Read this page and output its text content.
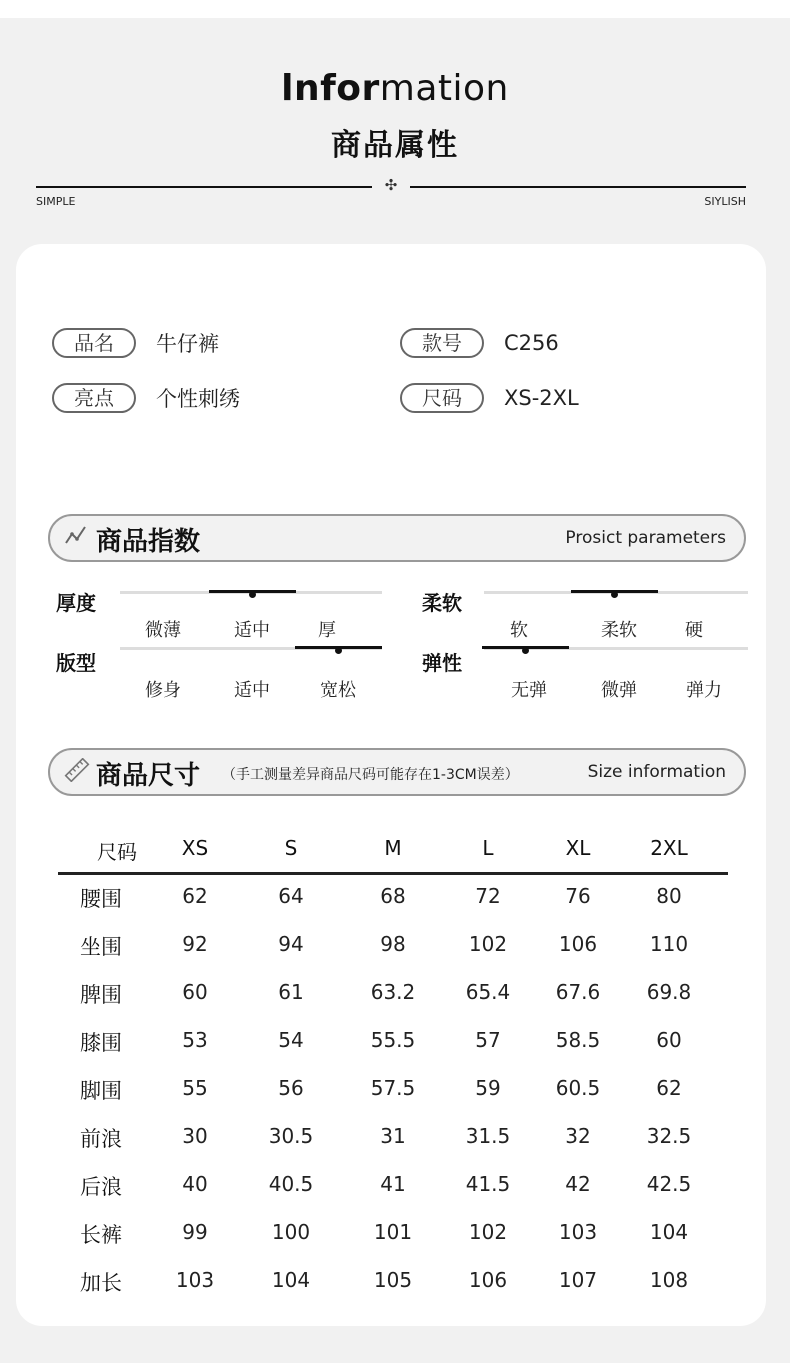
lnformation
商品属性
✣
SIMPLE	SIYLISH
品名	牛仔裤	款号	C256
亮点	个性刺绣	尺码	XS-2XL
商品指数	Prosict parameters
厚度
微薄	适中	厚
柔软
软	柔软	硬
版型
修身	适中	宽松
弹性
无弹	微弹	弹力
商品尺寸 （手工测量差异商品尺码可能存在1-3CM误差）	Size information
尺码	XS	S	M	L	XL	2XL
腰围	62	64	68	72	76	80
坐围	92	94	98	102	106	110
脾围	60	61	63.2	65.4	67.6	69.8
膝围	53	54	55.5	57	58.5	60
脚围	55	56	57.5	59	60.5	62
前浪	30	30.5	31	31.5	32	32.5
后浪	40	40.5	41	41.5	42	42.5
长裤	99	100	101	102	103	104
加长	103	104	105	106	107	108
